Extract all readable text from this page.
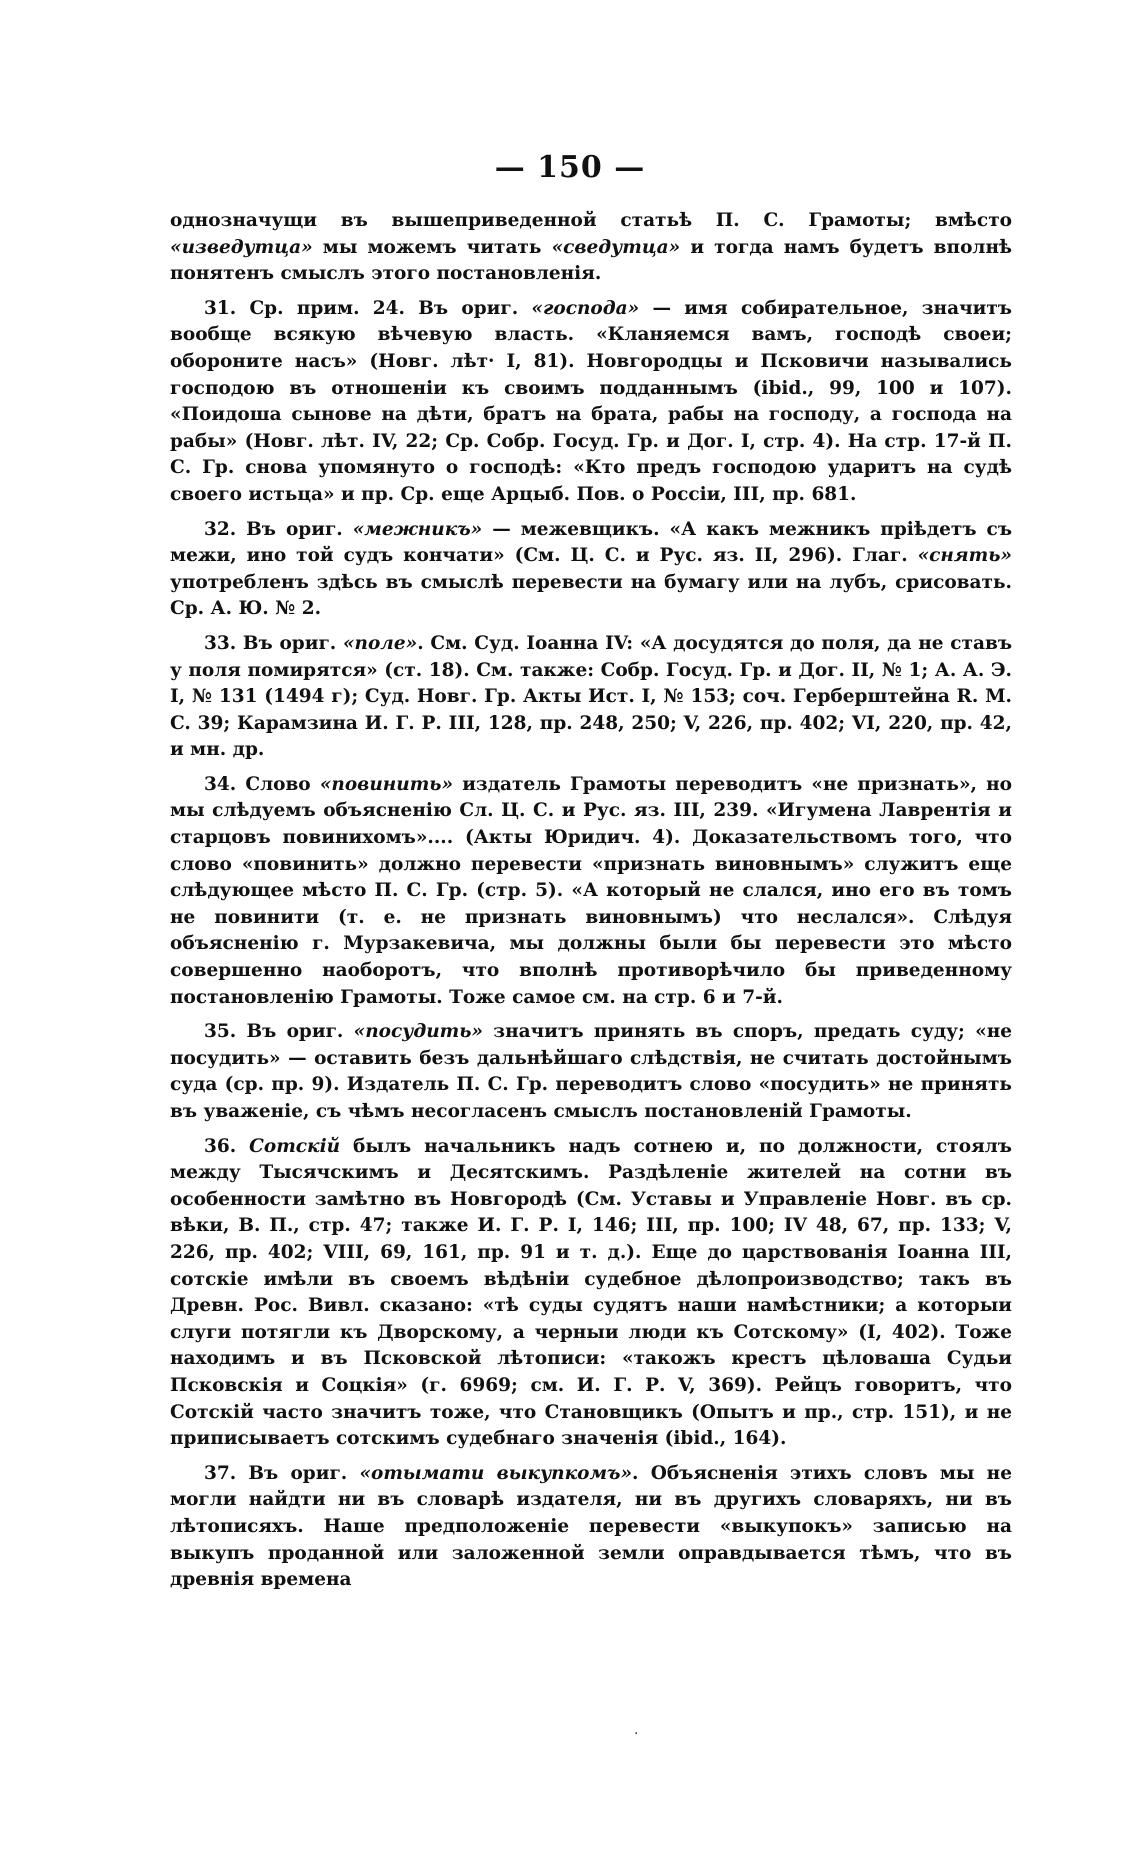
— 150 —

однозначущи въ вышеприведенной статьѣ П. С. Грамоты; вмѣсто «изведутца» мы можемъ читать «сведутца» и тогда намъ будетъ вполнѣ понятенъ смыслъ этого постановленія.

31. Ср. прим. 24. Въ ориг. «господа» — имя собирательное, значитъ вообще всякую вѣчевую власть. «Кланяемся вамъ, господѣ своеи; обороните насъ» (Новг. лѣт· I, 81). Новгородцы и Псковичи назывались господою въ отношеніи къ своимъ подданнымъ (ibid., 99, 100 и 107). «Поидоша сынове на дѣти, братъ на брата, рабы на господу, а господа на рабы» (Новг. лѣт. IV, 22; Ср. Собр. Госуд. Гр. и Дог. I, стр. 4). На стр. 17-й П. С. Гр. снова упомянуто о господѣ: «Кто предъ господою ударитъ на судѣ своего истьца» и пр. Ср. еще Арцыб. Пов. о Россіи, III, пр. 681.

32. Въ ориг. «межникъ» — межевщикъ. «А какъ межникъ пріѣдетъ съ межи, ино той судъ кончати» (См. Ц. С. и Рус. яз. II, 296). Глаг. «снять» употребленъ здѣсь въ смыслѣ перевести на бумагу или на лубъ, срисовать. Ср. А. Ю. № 2.

33. Въ ориг. «поле». См. Суд. Іоанна IV: «А досудятся до поля, да не ставъ у поля помирятся» (ст. 18). См. также: Собр. Госуд. Гр. и Дог. II, № 1; А. А. Э. I, № 131 (1494 г); Суд. Новг. Гр. Акты Ист. I, № 153; соч. Герберштейна R. M. C. 39; Карамзина И. Г. Р. III, 128, пр. 248, 250; V, 226, пр. 402; VI, 220, пр. 42, и мн. др.

34. Слово «повинить» издатель Грамоты переводитъ «не признать», но мы слѣдуемъ объясненію Сл. Ц. С. и Рус. яз. III, 239. «Игумена Лаврентія и старцовъ повинихомъ».... (Акты Юридич. 4). Доказательствомъ того, что слово «повинить» должно перевести «признать виновнымъ» служитъ еще слѣдующее мѣсто П. С. Гр. (стр. 5). «А который не слался, ино его въ томъ не повинити (т. е. не признать виновнымъ) что неслался». Слѣдуя объясненію г. Мурзакевича, мы должны были бы перевести это мѣсто совершенно наоборотъ, что вполнѣ противорѣчило бы приведенному постановленію Грамоты. Тоже самое см. на стр. 6 и 7-й.

35. Въ ориг. «посудить» значитъ принять въ споръ, предать суду; «не посудить» — оставить безъ дальнѣйшаго слѣдствія, не считать достойнымъ суда (ср. пр. 9). Издатель П. С. Гр. переводитъ слово «посудить» не принять въ уваженіе, съ чѣмъ несогласенъ смыслъ постановленій Грамоты.

36. Сотскій былъ начальникъ надъ сотнею и, по должности, стоялъ между Тысячскимъ и Десятскимъ. Раздѣленіе жителей на сотни въ особенности замѣтно въ Новгородѣ (См. Уставы и Управленіе Новг. въ ср. вѣки, В. П., стр. 47; также И. Г. Р. I, 146; III, пр. 100; IV 48, 67, пр. 133; V, 226, пр. 402; VIII, 69, 161, пр. 91 и т. д.). Еще до царствованія Іоанна III, сотскіе имѣли въ своемъ вѣдѣніи судебное дѣлопроизводство; такъ въ Древн. Рос. Вивл. сказано: «тѣ суды судятъ наши намѣстники; а которыи слуги потягли къ Дворскому, а черныи люди къ Сотскому» (I, 402). Тоже находимъ и въ Псковской лѣтописи: «такожъ крестъ цѣловаша Судьи Псковскія и Соцкія» (г. 6969; см. И. Г. Р. V, 369). Рейцъ говоритъ, что Сотскій часто значитъ тоже, что Становщикъ (Опытъ и пр., стр. 151), и не приписываетъ сотскимъ судебнаго значенія (ibid., 164).

37. Въ ориг. «отымати выкупкомъ». Объясненія этихъ словъ мы не могли найдти ни въ словарѣ издателя, ни въ другихъ словаряхъ, ни въ лѣтописяхъ. Наше предположеніе перевести «выкупокъ» записью на выкупъ проданной или заложенной земли оправдывается тѣмъ, что въ древнія времена

.
